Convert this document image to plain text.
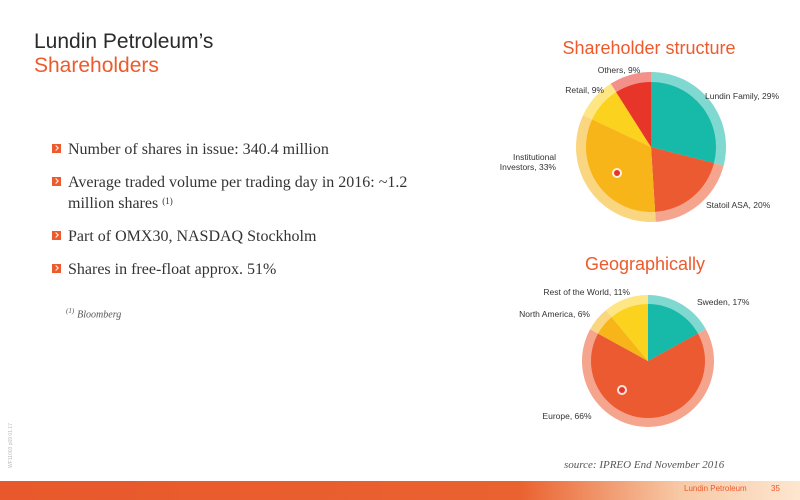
Lundin Petroleum’s
Shareholders
Number of shares in issue: 340.4 million
Average traded volume per trading day in 2016: ~1.2 million shares $^{(1)}$
Part of OMX30, NASDAQ Stockholm
Shares in free-float approx. 51%
$^{(1)}$ Bloomberg
Shareholder structure
Geographically
Lundin Family, 29%
Statoil ASA, 20%
Institutional
Investors, 33%
Retail, 9%
Others, 9%
Sweden, 17%
Europe, 66%
North America, 6%
Rest of the World, 11%
source: IPREO End November 2016
WF11003 p09 01.17
Lundin Petroleum	35
